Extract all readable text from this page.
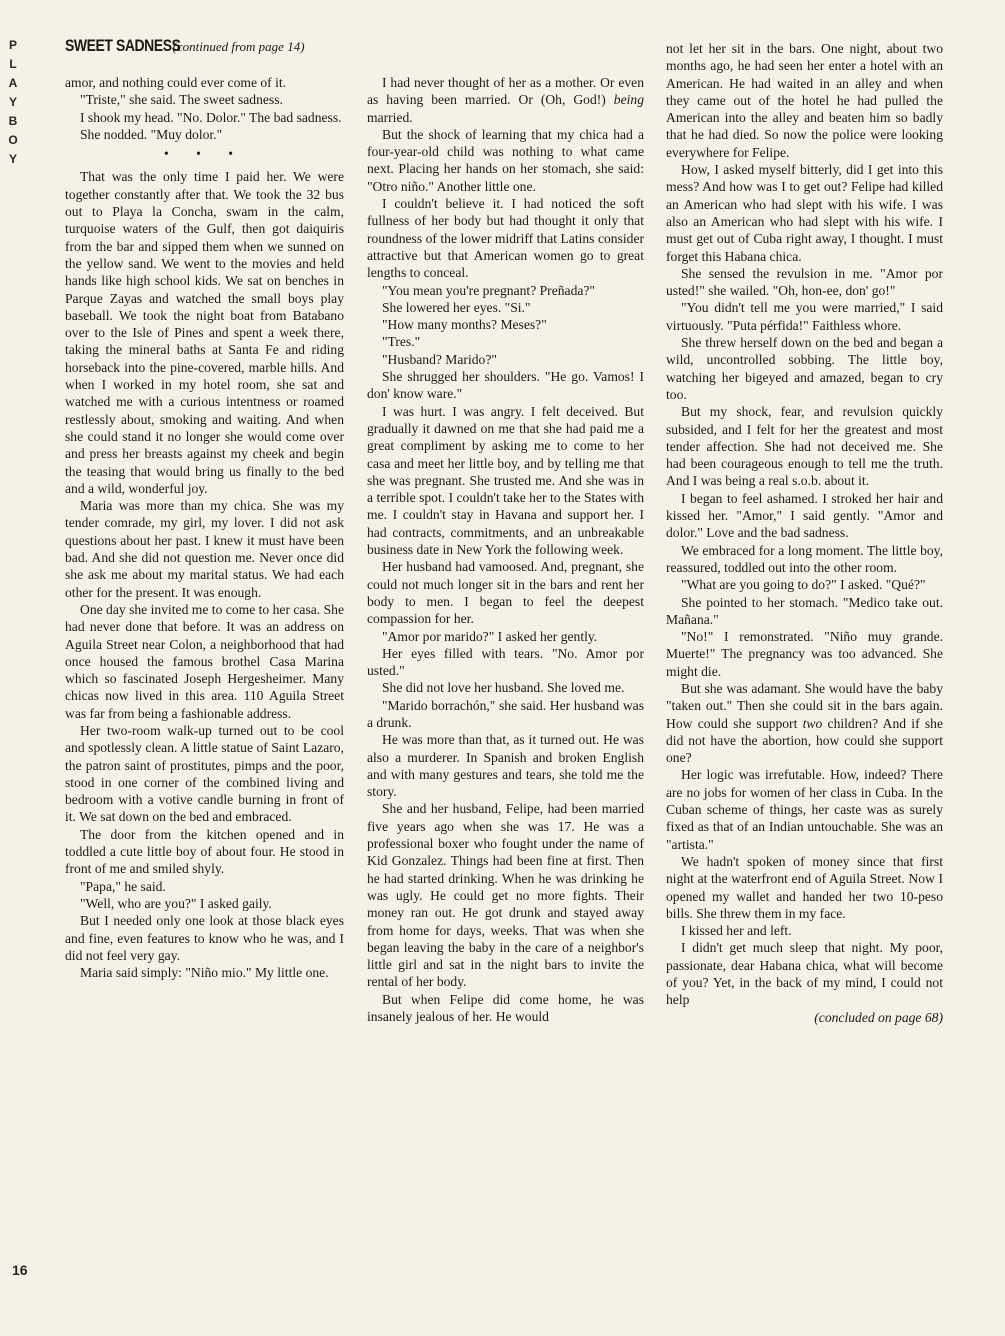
P
L
A
Y
B
O
Y
SWEET SADNESS (continued from page 14)

amor, and nothing could ever come of it.

"Triste," she said. The sweet sadness.

I shook my head. "No. Dolor." The bad sadness.

She nodded. "Muy dolor."

• • •

That was the only time I paid her. We were together constantly after that. We took the 32 bus out to Playa la Concha, swam in the calm, turquoise waters of the Gulf, then got daiquiris from the bar and sipped them when we sunned on the yellow sand. We went to the movies and held hands like high school kids. We sat on benches in Parque Zayas and watched the small boys play baseball. We took the night boat from Batabano over to the Isle of Pines and spent a week there, taking the mineral baths at Santa Fe and riding horseback into the pine-covered, marble hills. And when I worked in my hotel room, she sat and watched me with a curious intentness or roamed restlessly about, smoking and waiting. And when she could stand it no longer she would come over and press her breasts against my cheek and begin the teasing that would bring us finally to the bed and a wild, wonderful joy.

Maria was more than my chica. She was my tender comrade, my girl, my lover. I did not ask questions about her past. I knew it must have been bad. And she did not question me. Never once did she ask me about my marital status. We had each other for the present. It was enough.

One day she invited me to come to her casa. She had never done that before. It was an address on Aguila Street near Colon, a neighborhood that had once housed the famous brothel Casa Marina which so fascinated Joseph Hergesheimer. Many chicas now lived in this area. 110 Aguila Street was far from being a fashionable address.

Her two-room walk-up turned out to be cool and spotlessly clean. A little statue of Saint Lazaro, the patron saint of prostitutes, pimps and the poor, stood in one corner of the combined living and bedroom with a votive candle burning in front of it. We sat down on the bed and embraced.

The door from the kitchen opened and in toddled a cute little boy of about four. He stood in front of me and smiled shyly.

"Papa," he said.

"Well, who are you?" I asked gaily.

But I needed only one look at those black eyes and fine, even features to know who he was, and I did not feel very gay.

Maria said simply: "Niño mio." My little one.

I had never thought of her as a mother. Or even as having been married. Or (Oh, God!) being married.

But the shock of learning that my chica had a four-year-old child was nothing to what came next. Placing her hands on her stomach, she said: "Otro niño." Another little one.

I couldn't believe it. I had noticed the soft fullness of her body but had thought it only that roundness of the lower midriff that Latins consider attractive but that American women go to great lengths to conceal.

"You mean you're pregnant? Preñada?"

She lowered her eyes. "Si."

"How many months? Meses?"

"Tres."

"Husband? Marido?"

She shrugged her shoulders. "He go. Vamos! I don' know ware."

I was hurt. I was angry. I felt deceived. But gradually it dawned on me that she had paid me a great compliment by asking me to come to her casa and meet her little boy, and by telling me that she was pregnant. She trusted me. And she was in a terrible spot. I couldn't take her to the States with me. I couldn't stay in Havana and support her. I had contracts, commitments, and an unbreakable business date in New York the following week.

Her husband had vamoosed. And, pregnant, she could not much longer sit in the bars and rent her body to men. I began to feel the deepest compassion for her.

"Amor por marido?" I asked her gently.

Her eyes filled with tears. "No. Amor por usted."

She did not love her husband. She loved me.

"Marido borrachón," she said. Her husband was a drunk.

He was more than that, as it turned out. He was also a murderer. In Spanish and broken English and with many gestures and tears, she told me the story.

She and her husband, Felipe, had been married five years ago when she was 17. He was a professional boxer who fought under the name of Kid Gonzalez. Things had been fine at first. Then he had started drinking. When he was drinking he was ugly. He could get no more fights. Their money ran out. He got drunk and stayed away from home for days, weeks. That was when she began leaving the baby in the care of a neighbor's little girl and sat in the night bars to invite the rental of her body.

But when Felipe did come home, he was insanely jealous of her. He would

not let her sit in the bars. One night, about two months ago, he had seen her enter a hotel with an American. He had waited in an alley and when they came out of the hotel he had pulled the American into the alley and beaten him so badly that he had died. So now the police were looking everywhere for Felipe.

How, I asked myself bitterly, did I get into this mess? And how was I to get out? Felipe had killed an American who had slept with his wife. I was also an American who had slept with his wife. I must get out of Cuba right away, I thought. I must forget this Habana chica.

She sensed the revulsion in me. "Amor por usted!" she wailed. "Oh, hon-ee, don' go!"

"You didn't tell me you were married," I said virtuously. "Puta pérfida!" Faithless whore.

She threw herself down on the bed and began a wild, uncontrolled sobbing. The little boy, watching her bigeyed and amazed, began to cry too.

But my shock, fear, and revulsion quickly subsided, and I felt for her the greatest and most tender affection. She had not deceived me. She had been courageous enough to tell me the truth. And I was being a real s.o.b. about it.

I began to feel ashamed. I stroked her hair and kissed her. "Amor," I said gently. "Amor and dolor." Love and the bad sadness.

We embraced for a long moment. The little boy, reassured, toddled out into the other room.

"What are you going to do?" I asked. "Qué?"

She pointed to her stomach. "Medico take out. Mañana."

"No!" I remonstrated. "Niño muy grande. Muerte!" The pregnancy was too advanced. She might die.

But she was adamant. She would have the baby "taken out." Then she could sit in the bars again. How could she support two children? And if she did not have the abortion, how could she support one?

Her logic was irrefutable. How, indeed? There are no jobs for women of her class in Cuba. In the Cuban scheme of things, her caste was as surely fixed as that of an Indian untouchable. She was an "artista."

We hadn't spoken of money since that first night at the waterfront end of Aguila Street. Now I opened my wallet and handed her two 10-peso bills. She threw them in my face.

I kissed her and left.

I didn't get much sleep that night. My poor, passionate, dear Habana chica, what will become of you? Yet, in the back of my mind, I could not help

(concluded on page 68)

16
